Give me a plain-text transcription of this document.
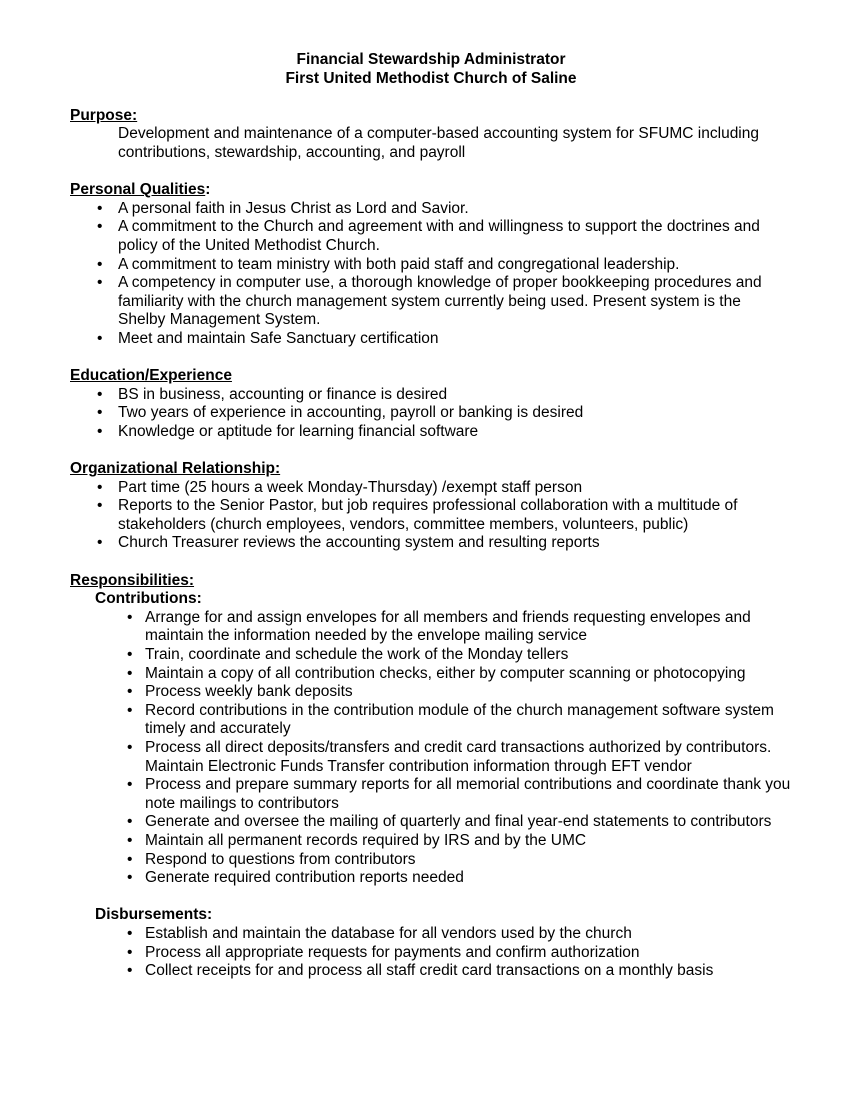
Financial Stewardship Administrator
First United Methodist Church of Saline
Purpose:

Development and maintenance of a computer-based accounting system for SFUMC including contributions, stewardship, accounting, and payroll

Personal Qualities:
• A personal faith in Jesus Christ as Lord and Savior.
• A commitment to the Church and agreement with and willingness to support the doctrines and policy of the United Methodist Church.
• A commitment to team ministry with both paid staff and congregational leadership.
• A competency in computer use, a thorough knowledge of proper bookkeeping procedures and familiarity with the church management system currently being used. Present system is the Shelby Management System.
• Meet and maintain Safe Sanctuary certification
Education/Experience
• BS in business, accounting or finance is desired
• Two years of experience in accounting, payroll or banking is desired
• Knowledge or aptitude for learning financial software
Organizational Relationship:
• Part time (25 hours a week Monday-Thursday) /exempt staff person
• Reports to the Senior Pastor, but job requires professional collaboration with a multitude of stakeholders (church employees, vendors, committee members, volunteers, public)
• Church Treasurer reviews the accounting system and resulting reports
Responsibilities:
Contributions:
• Arrange for and assign envelopes for all members and friends requesting envelopes and maintain the information needed by the envelope mailing service
• Train, coordinate and schedule the work of the Monday tellers
• Maintain a copy of all contribution checks, either by computer scanning or photocopying
• Process weekly bank deposits
• Record contributions in the contribution module of the church management software system timely and accurately
• Process all direct deposits/transfers and credit card transactions authorized by contributors.  Maintain Electronic Funds Transfer contribution information through EFT vendor
• Process and prepare summary reports for all memorial contributions and coordinate thank you note mailings to contributors
• Generate and oversee the mailing of quarterly and final year-end statements to contributors
• Maintain all permanent records required by IRS and by the UMC
• Respond to questions from contributors
• Generate required contribution reports needed
Disbursements:
• Establish and maintain the database for all vendors used by the church
• Process all appropriate requests for payments and confirm authorization
• Collect receipts for and process all staff credit card transactions on a monthly basis
